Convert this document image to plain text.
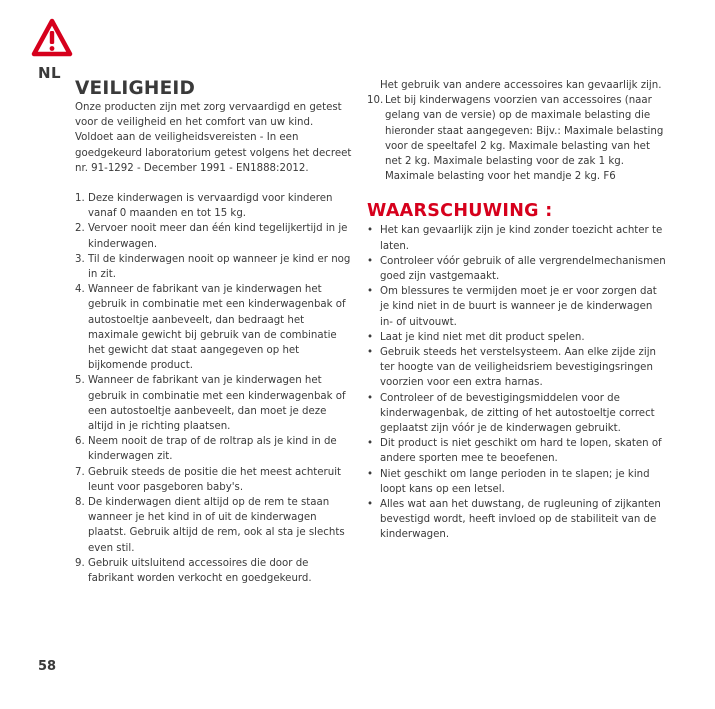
NL
VEILIGHEID

Onze producten zijn met zorg vervaardigd en getest voor de veiligheid en het comfort van uw kind. Voldoet aan de veiligheidsvereisten - In een goedgekeurd laboratorium getest volgens het decreet nr. 91-1292 - December 1991 - EN1888:2012.

1. Deze kinderwagen is vervaardigd voor kinderen vanaf 0 maanden en tot 15 kg.
2. Vervoer nooit meer dan één kind tegelijkertijd in je kinderwagen.
3. Til de kinderwagen nooit op wanneer je kind er nog in zit.
4. Wanneer de fabrikant van je kinderwagen het gebruik in combinatie met een kinderwagenbak of autostoeltje aanbeveelt, dan bedraagt het maximale gewicht bij gebruik van de combinatie het gewicht dat staat aangegeven op het bijkomende product.
5. Wanneer de fabrikant van je kinderwagen het gebruik in combinatie met een kinderwagenbak of een autostoeltje aanbeveelt, dan moet je deze altijd in je richting plaatsen.
6. Neem nooit de trap of de roltrap als je kind in de kinderwagen zit.
7. Gebruik steeds de positie die het meest achteruit leunt voor pasgeboren baby's.
8. De kinderwagen dient altijd op de rem te staan wanneer je het kind in of uit de kinderwagen plaatst. Gebruik altijd de rem, ook al sta je slechts even stil.
9. Gebruik uitsluitend accessoires die door de fabrikant worden verkocht en goedgekeurd.

Het gebruik van andere accessoires kan gevaarlijk zijn.

10. Let bij kinderwagens voorzien van accessoires (naar gelang van de versie) op de maximale belasting die hieronder staat aangegeven: Bijv.: Maximale belasting voor de speeltafel 2 kg. Maximale belasting van het net 2 kg. Maximale belasting voor de zak 1 kg. Maximale belasting voor het mandje 2 kg. F6
WAARSCHUWING :
• Het kan gevaarlijk zijn je kind zonder toezicht achter te laten.
• Controleer vóór gebruik of alle vergrendelmechanismen goed zijn vastgemaakt.
• Om blessures te vermijden moet je er voor zorgen dat je kind niet in de buurt is wanneer je de kinderwagen in- of uitvouwt.
• Laat je kind niet met dit product spelen.
• Gebruik steeds het verstelsysteem. Aan elke zijde zijn ter hoogte van de veiligheidsriem bevestigingsringen voorzien voor een extra harnas.
• Controleer of de bevestigingsmiddelen voor de kinderwagenbak, de zitting of het autostoeltje correct geplaatst zijn vóór je de kinderwagen gebruikt.
• Dit product is niet geschikt om hard te lopen, skaten of andere sporten mee te beoefenen.
• Niet geschikt om lange perioden in te slapen; je kind loopt kans op een letsel.
• Alles wat aan het duwstang, de rugleuning of zijkanten bevestigd wordt, heeft invloed op de stabiliteit van de kinderwagen.
58
